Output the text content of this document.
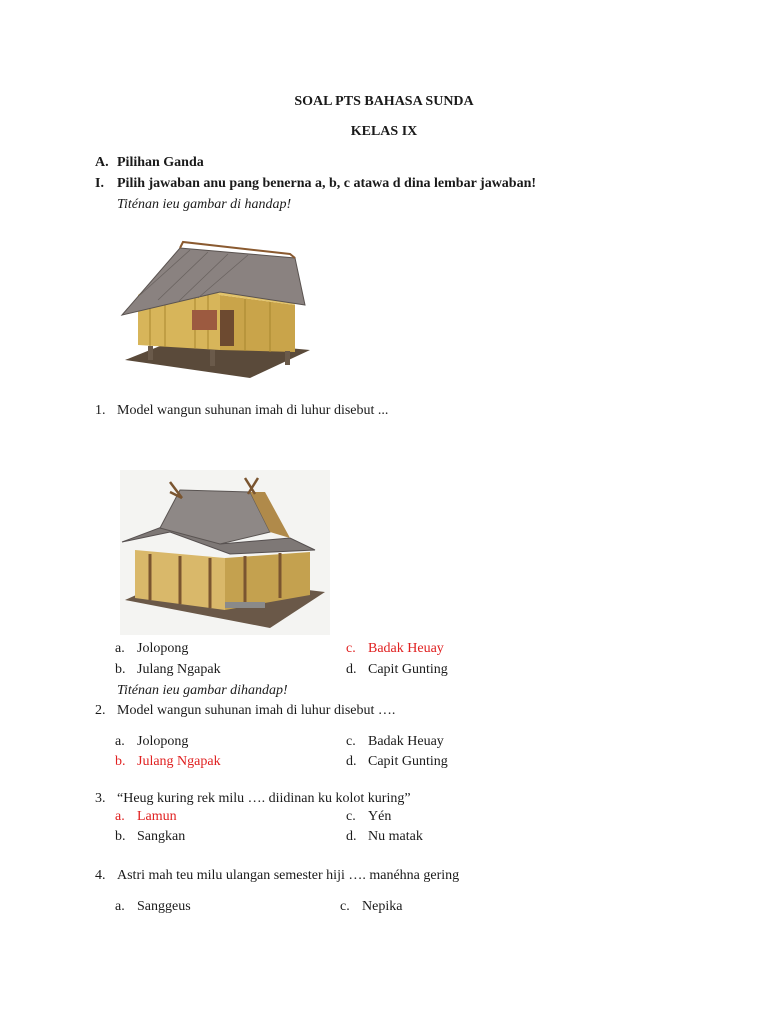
SOAL PTS BAHASA SUNDA
KELAS IX
A. Pilihan Ganda
I. Pilih jawaban anu pang benerna a, b, c atawa d dina lembar jawaban!
Titénan ieu gambar di handap!
1. Model wangun suhunan imah di luhur disebut ...
a. Jolopong	c. Badak Heuay
b. Julang Ngapak	d. Capit Gunting
Titénan ieu gambar dihandap!
2. Model wangun suhunan imah di luhur disebut ….
a. Jolopong	c. Badak Heuay
b. Julang Ngapak	d. Capit Gunting
3. “Heug kuring rek milu …. diidinan ku kolot kuring”
a. Lamun	c. Yén
b. Sangkan	d. Nu matak
4. Astri mah teu milu ulangan semester hiji …. manéhna gering
a. Sanggeus	c. Nepika
